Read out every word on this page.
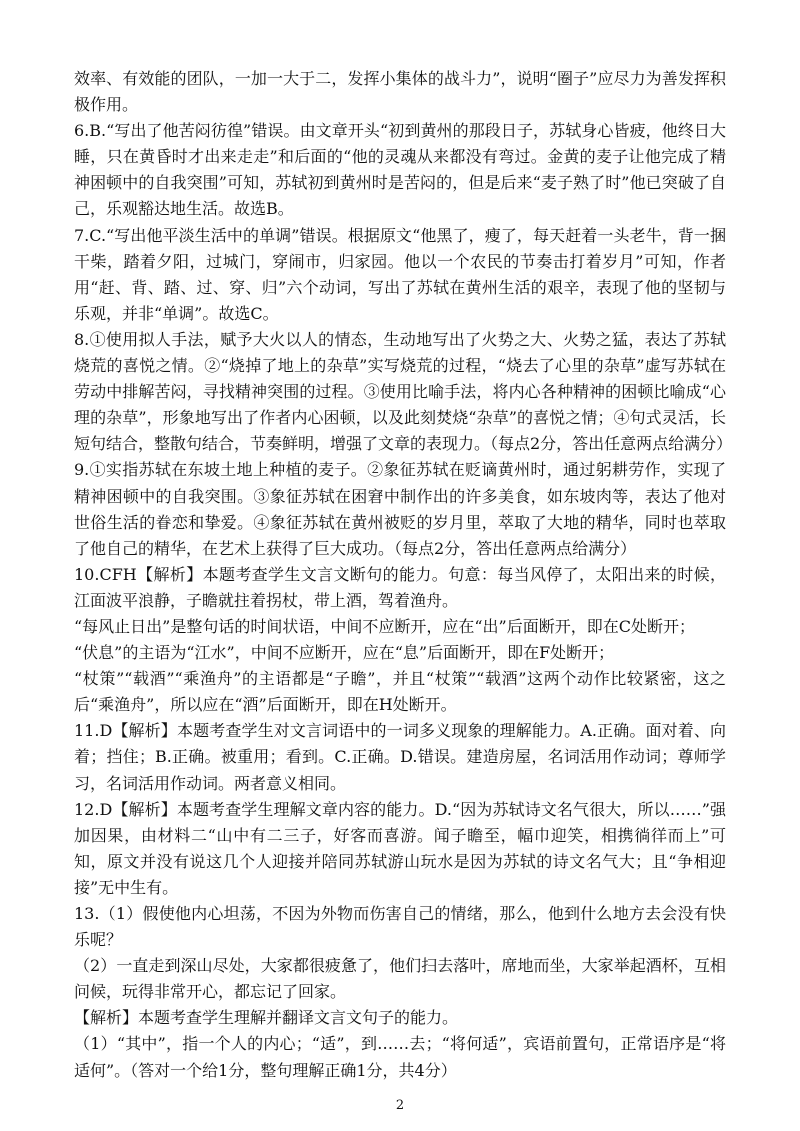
效率、有效能的团队，一加一大于二，发挥小集体的战斗力”，说明“圈子”应尽力为善发挥积极作用。

6.B.“写出了他苦闷彷徨”错误。由文章开头“初到黄州的那段日子，苏轼身心皆疲，他终日大睡，只在黄昏时才出来走走”和后面的“他的灵魂从来都没有弯过。金黄的麦子让他完成了精神困顿中的自我突围”可知，苏轼初到黄州时是苦闷的，但是后来“麦子熟了时”他已突破了自己，乐观豁达地生活。故选B。

7.C.“写出他平淡生活中的单调”错误。根据原文“他黑了，瘦了，每天赶着一头老牛，背一捆干柴，踏着夕阳，过城门，穿闹市，归家园。他以一个农民的节奏击打着岁月”可知，作者用“赶、背、踏、过、穿、归”六个动词，写出了苏轼在黄州生活的艰辛，表现了他的坚韧与乐观，并非“单调”。故选C。

8.①使用拟人手法，赋予大火以人的情态，生动地写出了火势之大、火势之猛，表达了苏轼烧荒的喜悦之情。②“烧掉了地上的杂草”实写烧荒的过程，“烧去了心里的杂草”虚写苏轼在劳动中排解苦闷，寻找精神突围的过程。③使用比喻手法，将内心各种精神的困顿比喻成“心理的杂草”，形象地写出了作者内心困顿，以及此刻焚烧“杂草”的喜悦之情；④句式灵活，长短句结合，整散句结合，节奏鲜明，增强了文章的表现力。（每点2分，答出任意两点给满分）

9.①实指苏轼在东坡土地上种植的麦子。②象征苏轼在贬谪黄州时，通过躬耕劳作，实现了精神困顿中的自我突围。③象征苏轼在困窘中制作出的许多美食，如东坡肉等，表达了他对世俗生活的眷恋和挚爱。④象征苏轼在黄州被贬的岁月里，萃取了大地的精华，同时也萃取了他自己的精华，在艺术上获得了巨大成功。（每点2分，答出任意两点给满分）

10.CFH【解析】本题考查学生文言文断句的能力。句意：每当风停了，太阳出来的时候，江面波平浪静，子瞻就拄着拐杖，带上酒，驾着渔舟。

“每风止日出”是整句话的时间状语，中间不应断开，应在“出”后面断开，即在C处断开；

“伏息”的主语为“江水”，中间不应断开，应在“息”后面断开，即在F处断开；

“杖策”“载酒”“乘渔舟”的主语都是“子瞻”，并且“杖策”“载酒”这两个动作比较紧密，这之后“乘渔舟”，所以应在“酒”后面断开，即在H处断开。

11.D【解析】本题考查学生对文言词语中的一词多义现象的理解能力。A.正确。面对着、向着；挡住；B.正确。被重用；看到。C.正确。D.错误。建造房屋，名词活用作动词；尊师学习，名词活用作动词。两者意义相同。

12.D【解析】本题考查学生理解文章内容的能力。D.“因为苏轼诗文名气很大，所以……”强加因果，由材料二“山中有二三子，好客而喜游。闻子瞻至，幅巾迎笑，相携徜徉而上”可知，原文并没有说这几个人迎接并陪同苏轼游山玩水是因为苏轼的诗文名气大；且“争相迎接”无中生有。

13.（1）假使他内心坦荡，不因为外物而伤害自己的情绪，那么，他到什么地方去会没有快乐呢？

（2）一直走到深山尽处，大家都很疲惫了，他们扫去落叶，席地而坐，大家举起酒杯，互相问候，玩得非常开心，都忘记了回家。

【解析】本题考查学生理解并翻译文言文句子的能力。

（1）“其中”，指一个人的内心；“适”，到……去；“将何适”，宾语前置句，正常语序是“将适何”。（答对一个给1分，整句理解正确1分，共4分）

2
